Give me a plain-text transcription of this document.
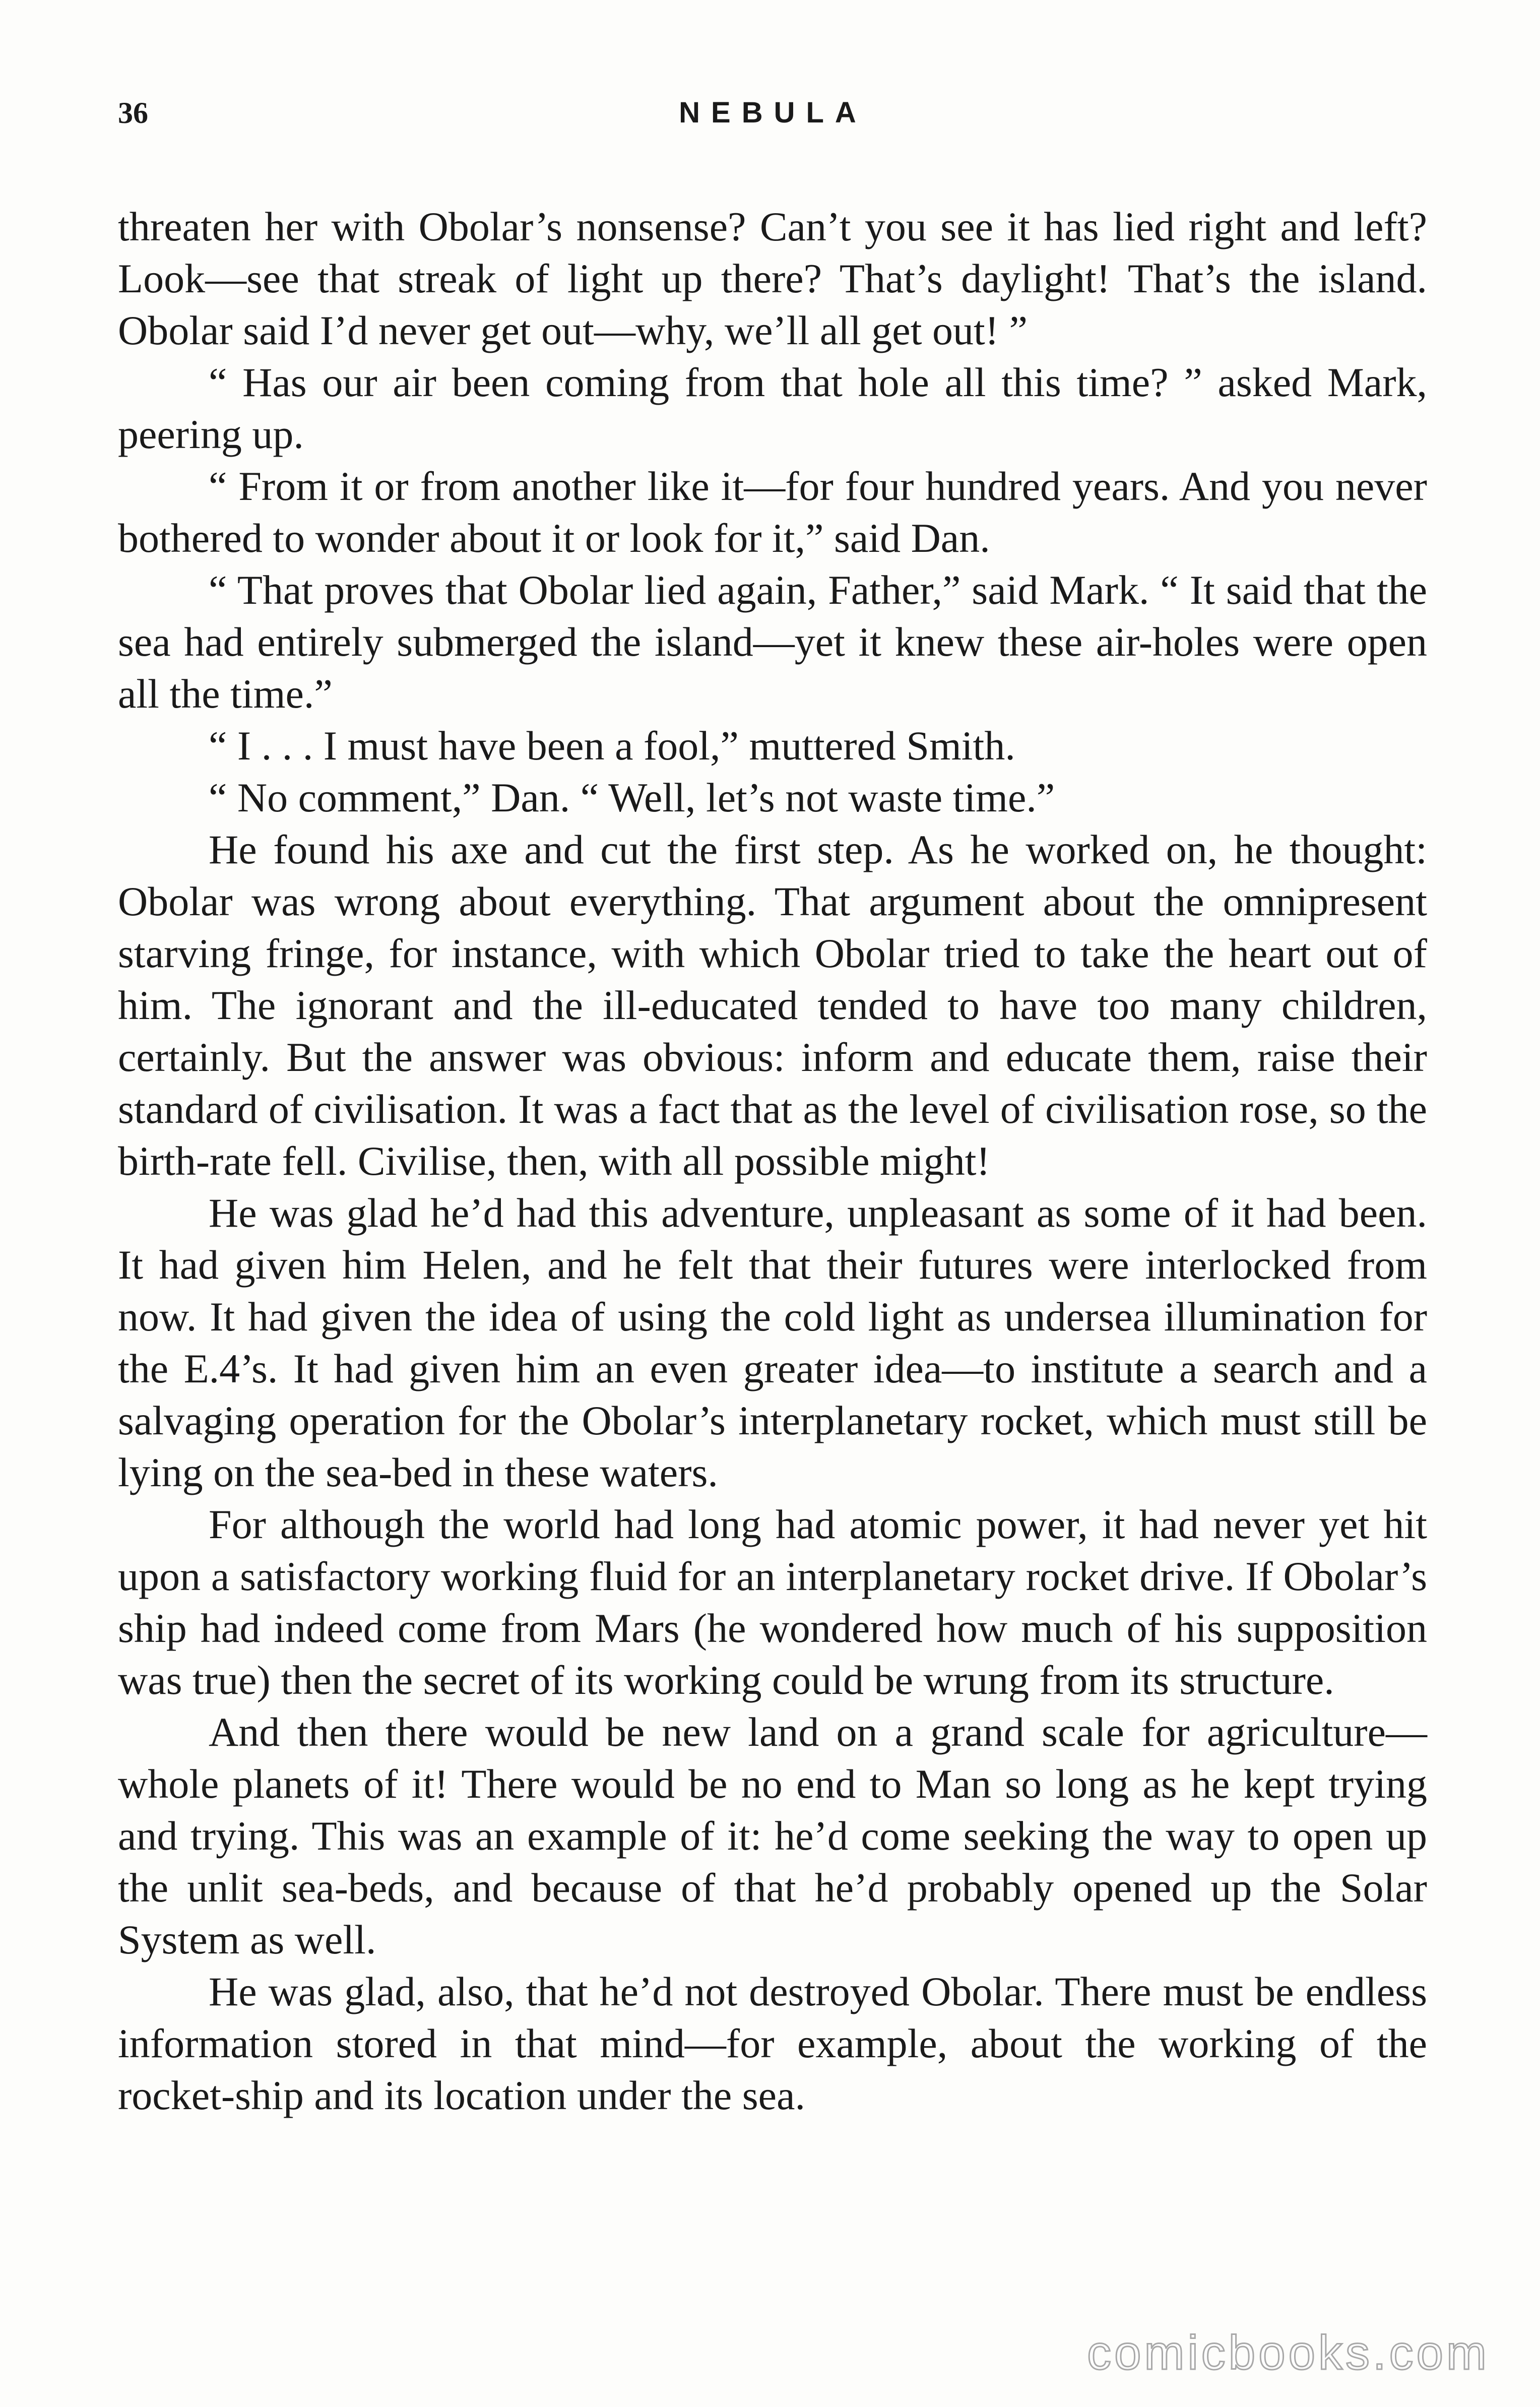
36	NEBULA

threaten her with Obolar’s nonsense? Can’t you see it has lied right and left? Look—see that streak of light up there? That’s daylight! That’s the island. Obolar said I’d never get out—why, we’ll all get out! ”

“ Has our air been coming from that hole all this time? ” asked Mark, peering up.

“ From it or from another like it—for four hundred years. And you never bothered to wonder about it or look for it,” said Dan.

“ That proves that Obolar lied again, Father,” said Mark. “ It said that the sea had entirely submerged the island—yet it knew these air-holes were open all the time.”

“ I . . . I must have been a fool,” muttered Smith.

“ No comment,” Dan. “ Well, let’s not waste time.”

He found his axe and cut the first step. As he worked on, he thought: Obolar was wrong about everything. That argument about the omnipresent starving fringe, for instance, with which Obolar tried to take the heart out of him. The ignorant and the ill-educated tended to have too many children, certainly. But the answer was obvious: inform and educate them, raise their standard of civilisation. It was a fact that as the level of civilisation rose, so the birth-rate fell. Civilise, then, with all possible might!

He was glad he’d had this adventure, unpleasant as some of it had been. It had given him Helen, and he felt that their futures were interlocked from now. It had given the idea of using the cold light as undersea illumination for the E.4’s. It had given him an even greater idea—to institute a search and a salvaging operation for the Obolar’s interplanetary rocket, which must still be lying on the sea-bed in these waters.

For although the world had long had atomic power, it had never yet hit upon a satisfactory working fluid for an interplanetary rocket drive. If Obolar’s ship had indeed come from Mars (he wondered how much of his supposition was true) then the secret of its working could be wrung from its structure.

And then there would be new land on a grand scale for agriculture—whole planets of it! There would be no end to Man so long as he kept trying and trying. This was an example of it: he’d come seeking the way to open up the unlit sea-beds, and because of that he’d probably opened up the Solar System as well.

He was glad, also, that he’d not destroyed Obolar. There must be endless information stored in that mind—for example, about the working of the rocket-ship and its location under the sea.

comicbooks.com
